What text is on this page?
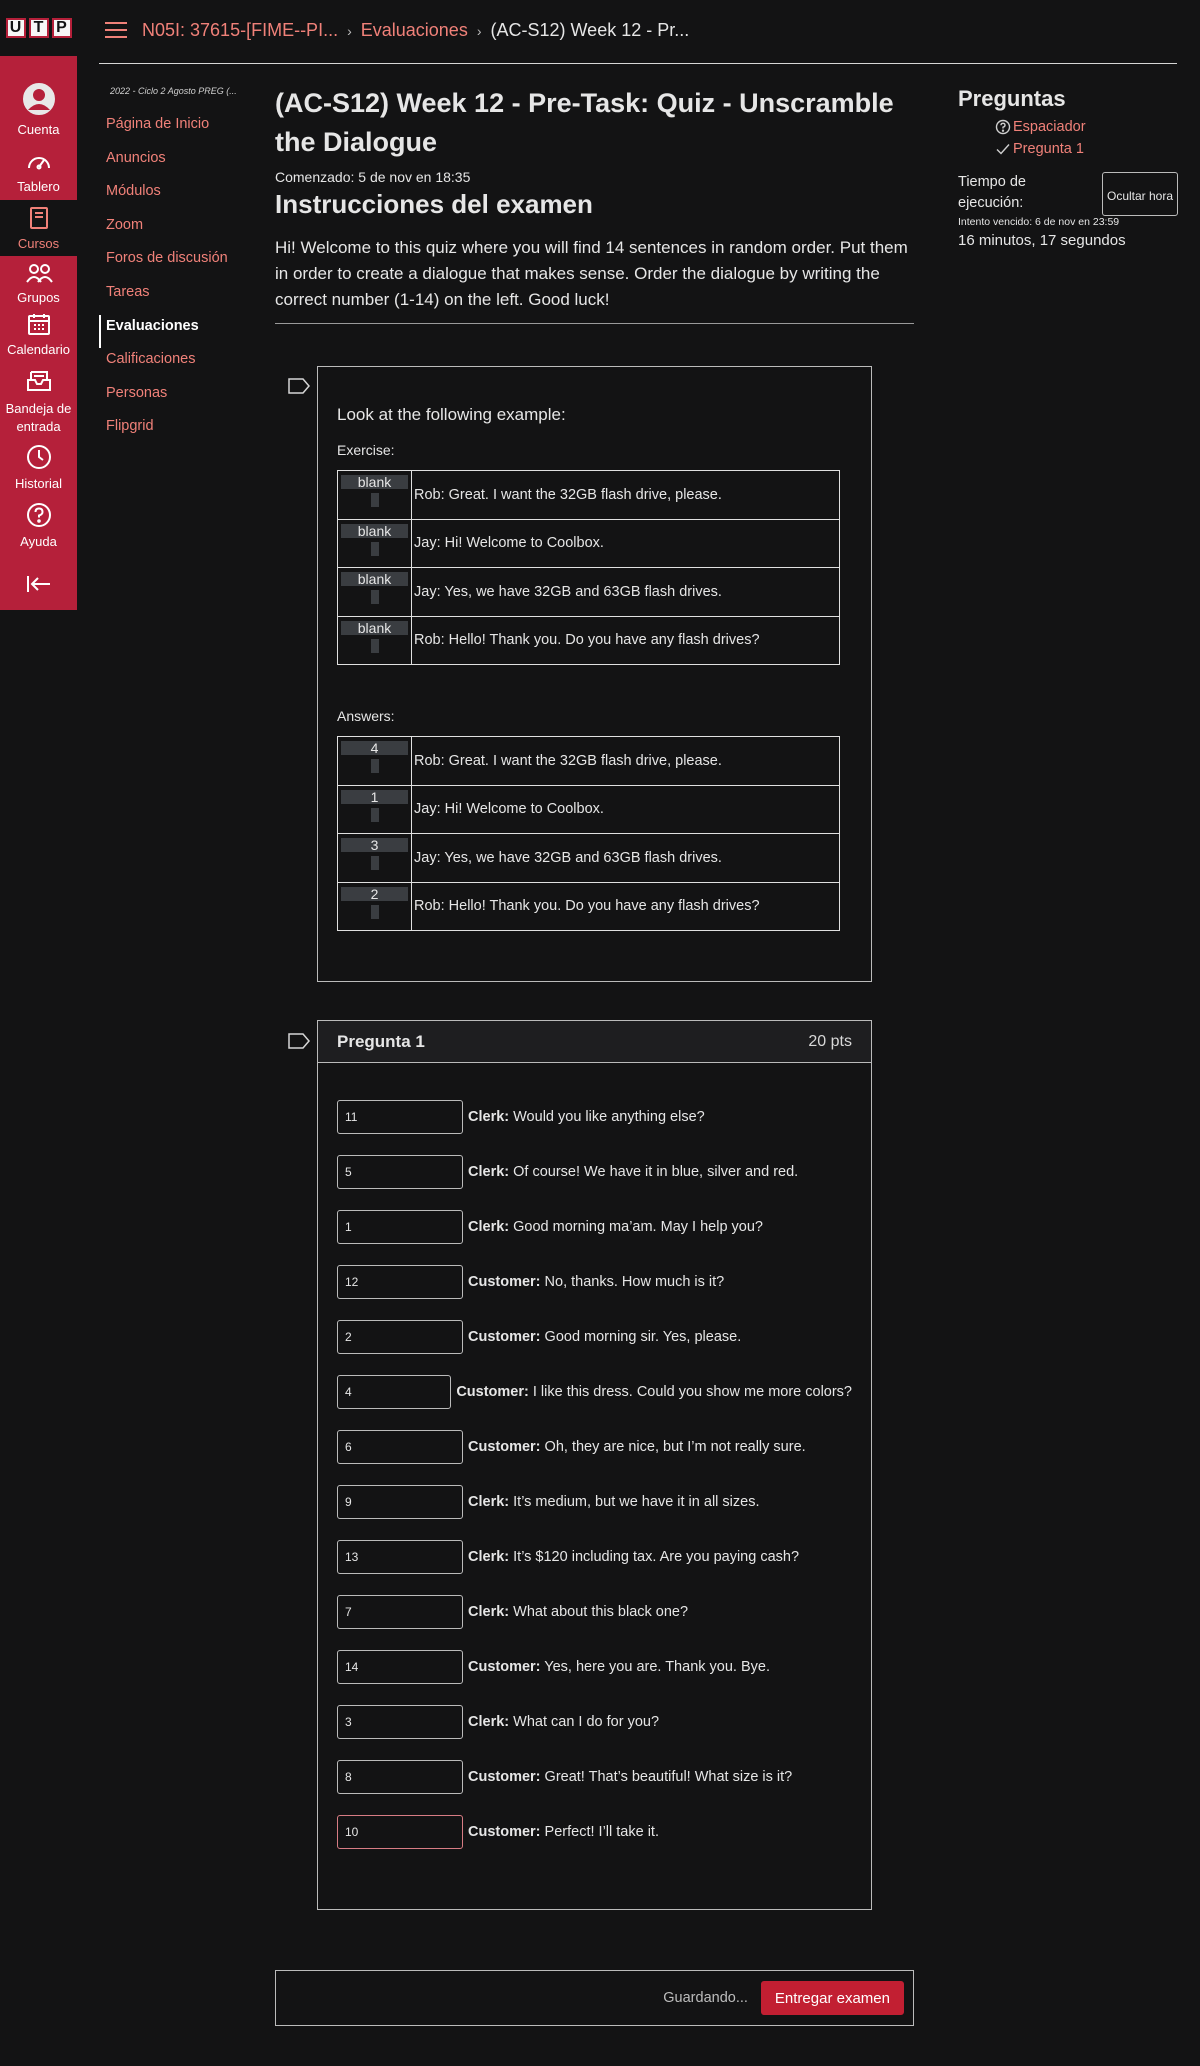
U T P
Cuenta
Tablero
Cursos
Grupos
Calendario
Bandeja de entrada
Historial
Ayuda
N05I: 37615-[FIME--PI... › Evaluaciones › (AC-S12) Week 12 - Pr...
2022 - Ciclo 2 Agosto PREG (...
Página de Inicio
Anuncios
Módulos
Zoom
Foros de discusión
Tareas
Evaluaciones
Calificaciones
Personas
Flipgrid
(AC-S12) Week 12 - Pre-Task: Quiz - Unscramble the Dialogue
Comenzado: 5 de nov en 18:35
Instrucciones del examen

Hi! Welcome to this quiz where you will find 14 sentences in random order. Put them in order to create a dialogue that makes sense. Order the dialogue by writing the correct number (1-14) on the left. Good luck!

Look at the following example:

Exercise:

blank	Rob: Great. I want the 32GB flash drive, please.

blank	Jay: Hi! Welcome to Coolbox.

blank	Jay: Yes, we have 32GB and 63GB flash drives.

blank	Rob: Hello! Thank you. Do you have any flash drives?

Answers:

4	Rob: Great. I want the 32GB flash drive, please.

1	Jay: Hi! Welcome to Coolbox.

3	Jay: Yes, we have 32GB and 63GB flash drives.

2	Rob: Hello! Thank you. Do you have any flash drives?
Pregunta 1	20 pts
11	Clerk: Would you like anything else?
5	Clerk: Of course! We have it in blue, silver and red.
1	Clerk: Good morning ma’am. May I help you?
12	Customer: No, thanks. How much is it?
2	Customer: Good morning sir. Yes, please.
4	Customer: I like this dress. Could you show me more colors?
6	Customer: Oh, they are nice, but I’m not really sure.
9	Clerk: It’s medium, but we have it in all sizes.
13	Clerk: It’s $120 including tax. Are you paying cash?
7	Clerk: What about this black one?
14	Customer: Yes, here you are. Thank you. Bye.
3	Clerk: What can I do for you?
8	Customer: Great! That’s beautiful! What size is it?
10	Customer: Perfect! I’ll take it.
Guardando...	Entregar examen
Preguntas
Espaciador
Pregunta 1
Tiempo de ejecución:	Ocultar hora
Intento vencido: 6 de nov en 23:59
16 minutos, 17 segundos
